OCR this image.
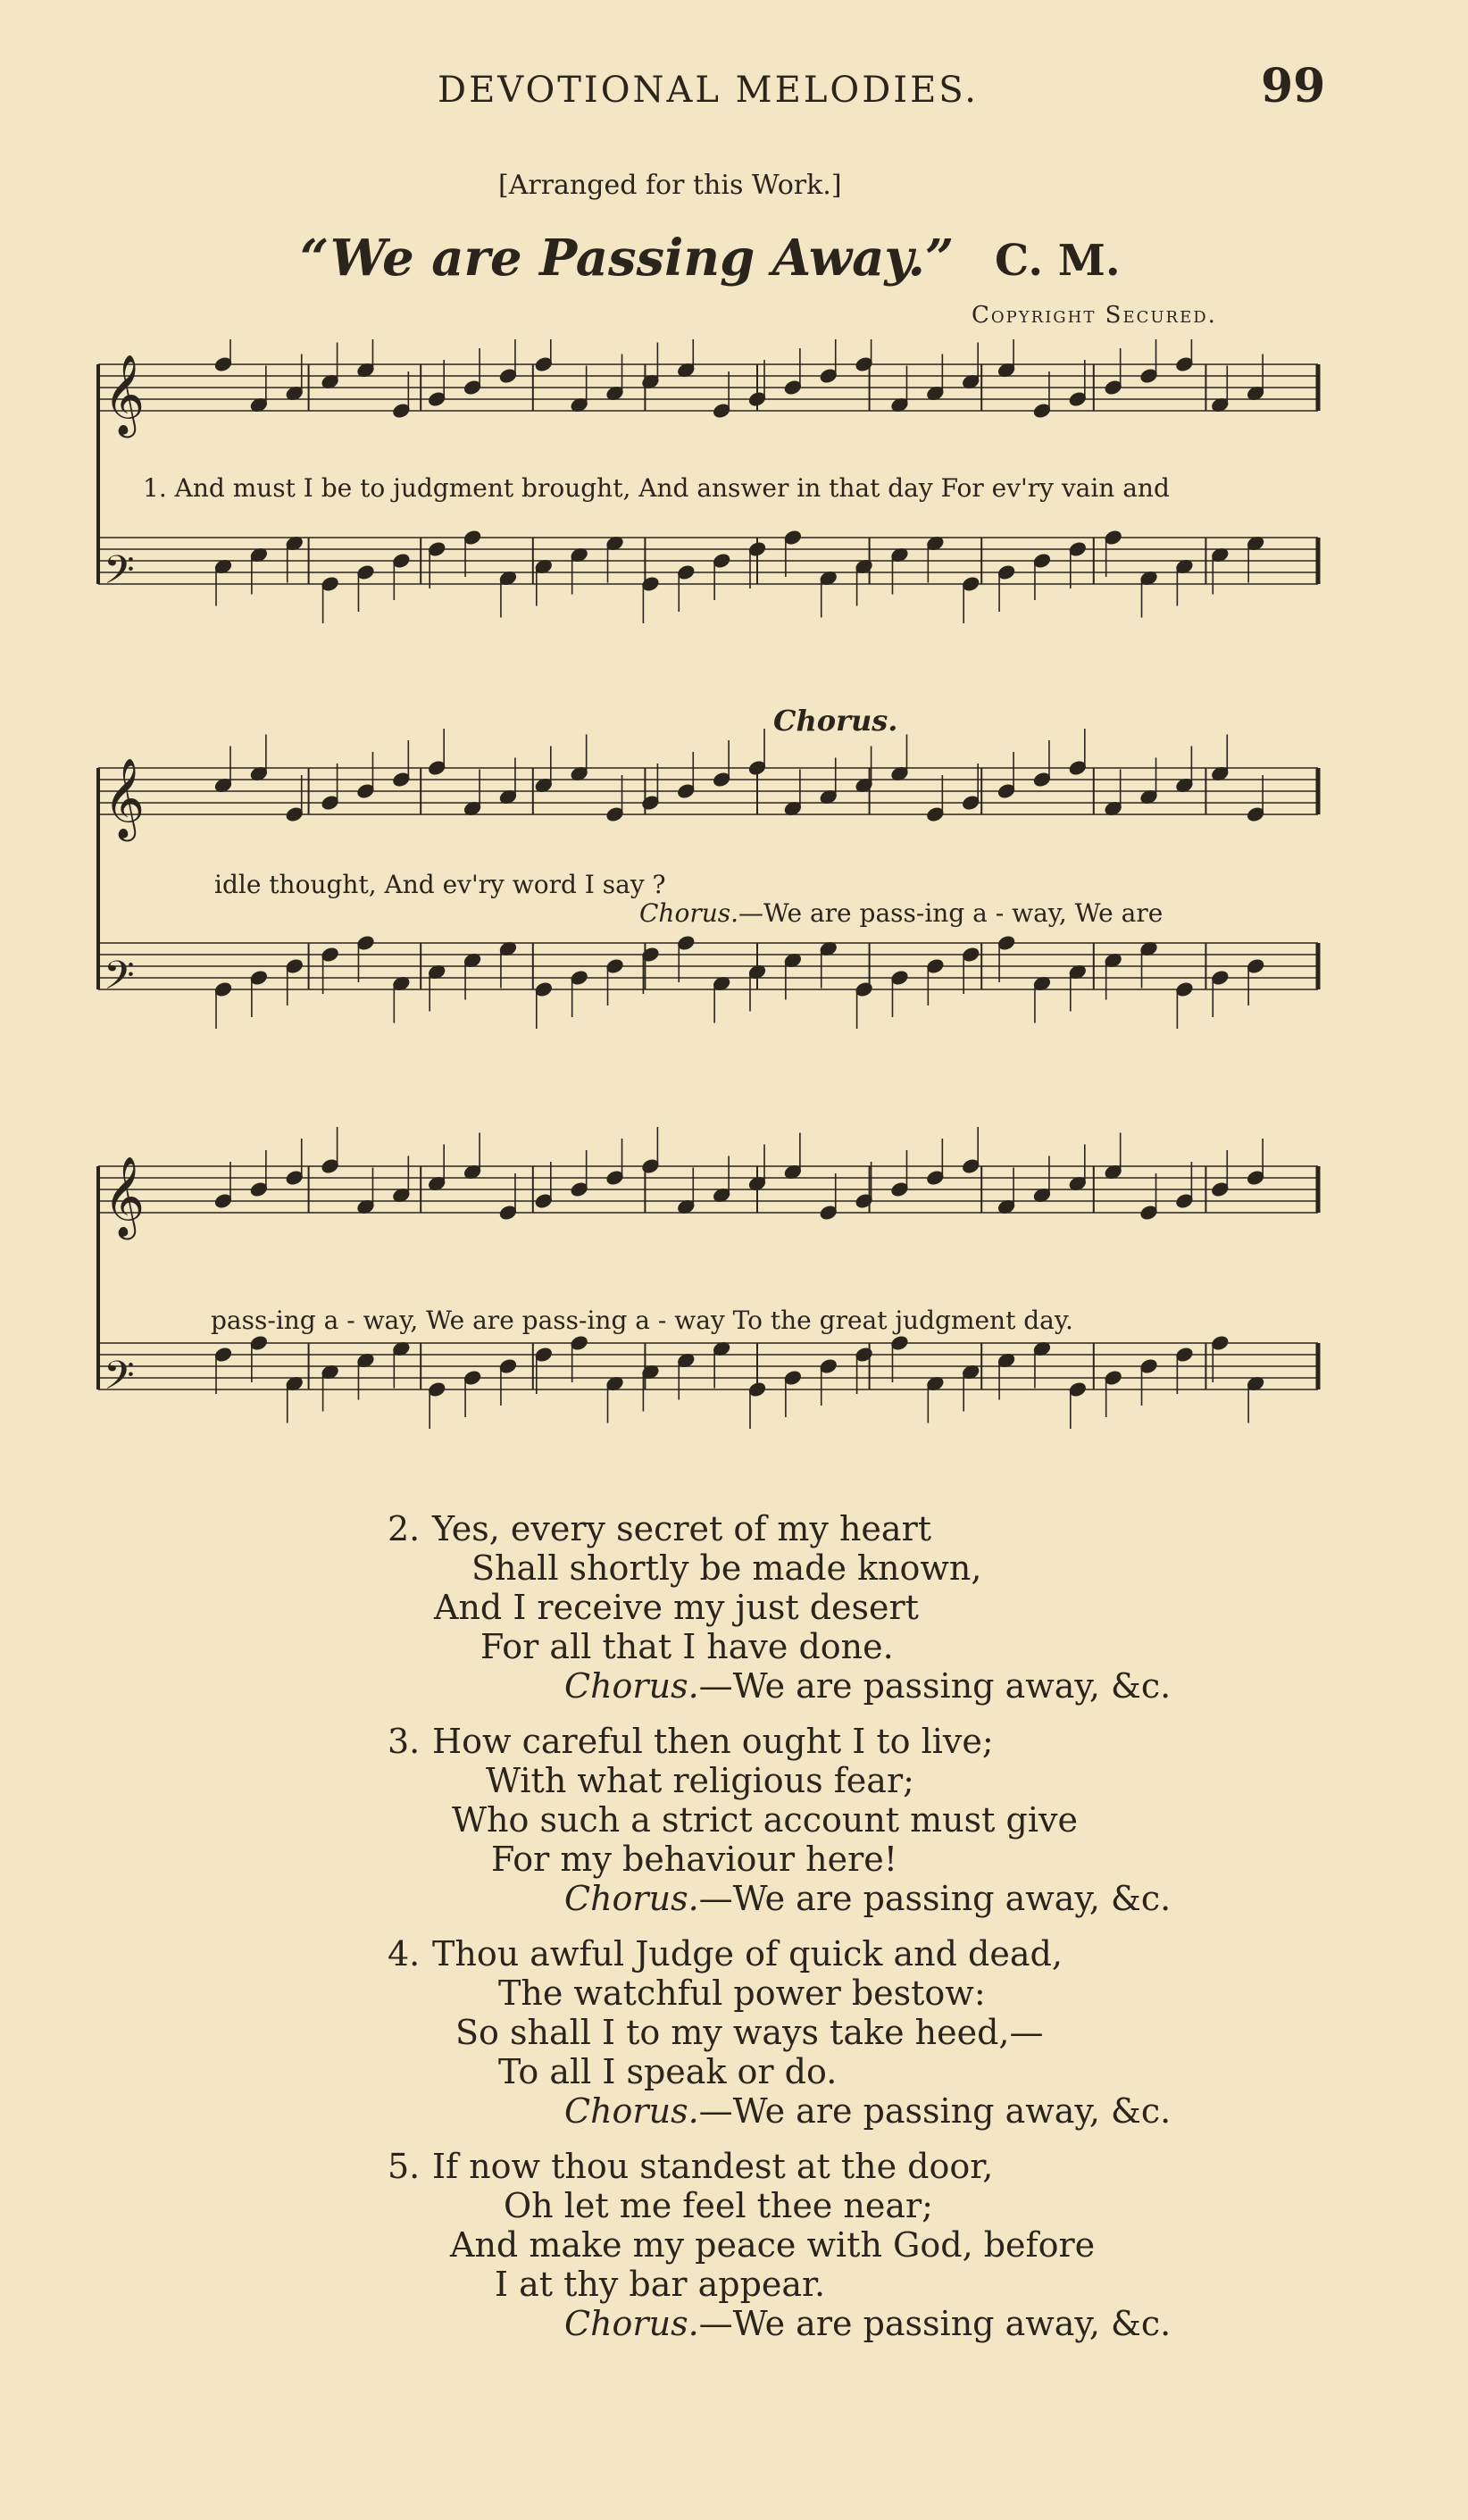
DEVOTIONAL MELODIES.	99
[Arranged for this Work.]
“We are Passing Away.” C. M.
Copyright Secured.
𝄞
𝄢
𝄞
𝄢
𝄞
𝄢
1. And must I be to judgment brought, And answer in that day For ev'ry vain and
Chorus.
idle thought, And ev'ry word I say ?
Chorus.—We are pass-ing a - way, We are
pass-ing a - way, We are pass-ing a - way To the great judgment day.
2. Yes, every secret of my heart
Shall shortly be made known,
And I receive my just desert
For all that I have done.
Chorus.—We are passing away, &c.
3. How careful then ought I to live;
With what religious fear;
Who such a strict account must give
For my behaviour here!
Chorus.—We are passing away, &c.
4. Thou awful Judge of quick and dead,
The watchful power bestow:
So shall I to my ways take heed,—
To all I speak or do.
Chorus.—We are passing away, &c.
5. If now thou standest at the door,
Oh let me feel thee near;
And make my peace with God, before
I at thy bar appear.
Chorus.—We are passing away, &c.
